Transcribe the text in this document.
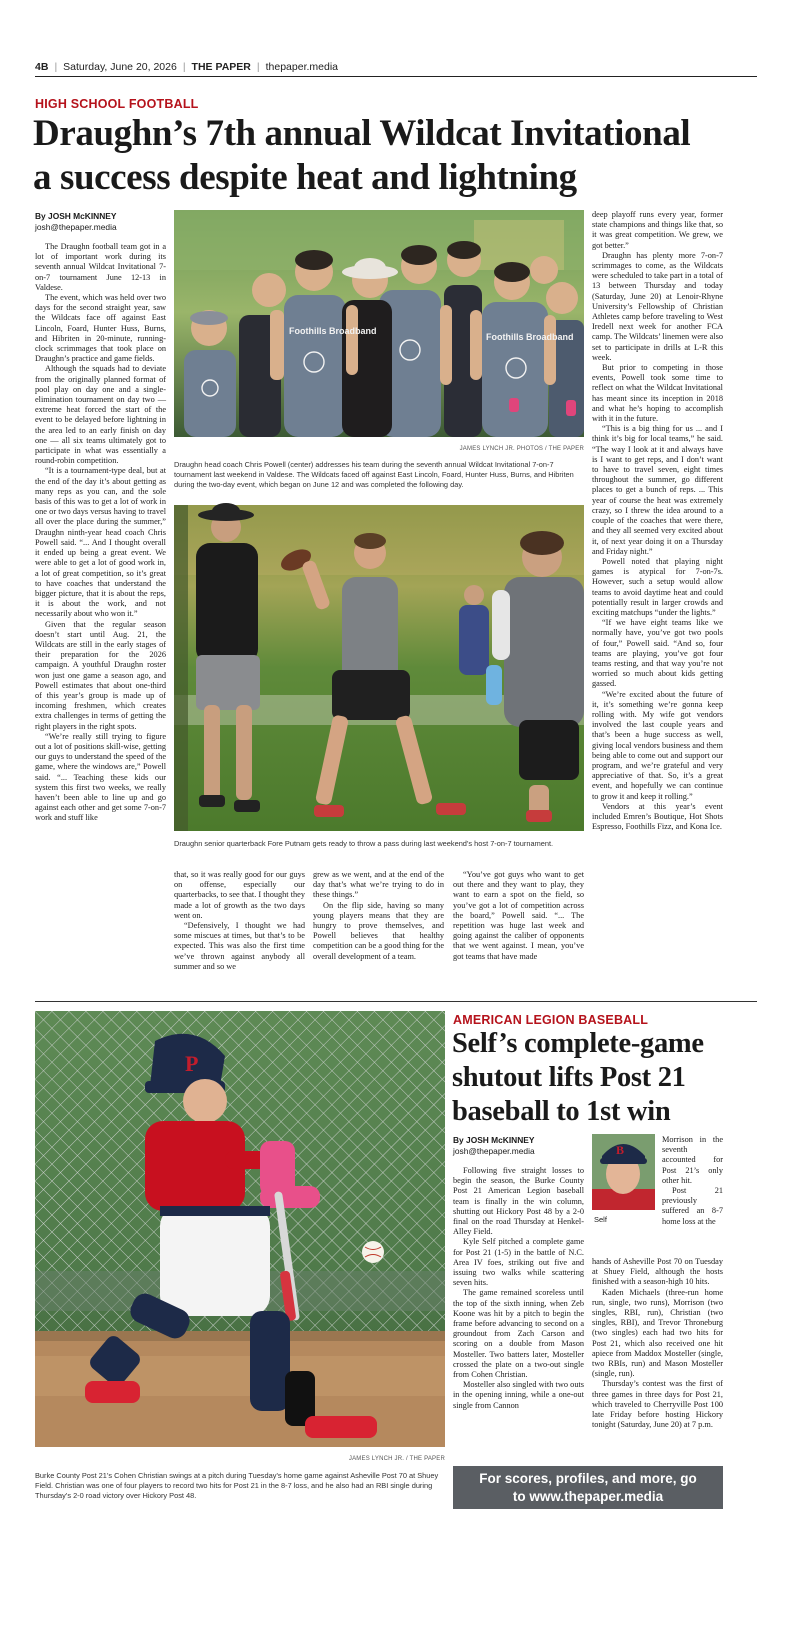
4B | Saturday, June 20, 2026 | THE PAPER | thepaper.media
HIGH SCHOOL FOOTBALL
Draughn’s 7th annual Wildcat Invitational
a success despite heat and lightning
By JOSH McKINNEY
josh@thepaper.media

The Draughn football team got in a lot of important work during its seventh annual Wildcat Invitational 7-on-7 tournament June 12-13 in Valdese.

The event, which was held over two days for the second straight year, saw the Wildcats face off against East Lincoln, Foard, Hunter Huss, Burns, and Hibriten in 20-minute, running-clock scrimmages that took place on Draughn’s practice and game fields.

Although the squads had to deviate from the originally planned format of pool play on day one and a single-elimination tournament on day two — extreme heat forced the start of the event to be delayed before lightning in the area led to an early finish on day one — all six teams ultimately got to participate in what was essentially a round-robin competition.

“It is a tournament-type deal, but at the end of the day it’s about getting as many reps as you can, and the sole basis of this was to get a lot of work in one or two days versus having to travel all over the place during the summer,” Draughn ninth-year head coach Chris Powell said. “... And I thought overall it ended up being a great event. We were able to get a lot of good work in, a lot of great competition, so it’s great to have coaches that understand the bigger picture, that it is about the reps, it is about the work, and not necessarily about who won it.”

Given that the regular season doesn’t start until Aug. 21, the Wildcats are still in the early stages of their preparation for the 2026 campaign. A youthful Draughn roster won just one game a season ago, and Powell estimates that about one-third of this year’s group is made up of incoming freshmen, which creates extra challenges in terms of getting the right players in the right spots.

“We’re really still trying to figure out a lot of positions skill-wise, getting our guys to understand the speed of the game, where the windows are,” Powell said. “... Teaching these kids our system this first two weeks, we really haven’t been able to line up and go against each other and get some 7-on-7 work and stuff like

Foothills Broadband
Foothills Broadband
JAMES LYNCH JR. PHOTOS / THE PAPER
Draughn head coach Chris Powell (center) addresses his team during the seventh annual Wildcat Invitational 7-on-7 tournament last weekend in Valdese. The Wildcats faced off against East Lincoln, Foard, Hunter Huss, Burns, and Hibriten during the two-day event, which began on June 12 and was completed the following day.
Draughn senior quarterback Fore Putnam gets ready to throw a pass during last weekend’s host 7-on-7 tournament.

that, so it was really good for our guys on offense, especially our quarterbacks, to see that. I thought they made a lot of growth as the two days went on.

“Defensively, I thought we had some miscues at times, but that’s to be expected. This was also the first time we’ve thrown against anybody all summer and so we

grew as we went, and at the end of the day that’s what we’re trying to do in these things.”

On the flip side, having so many young players means that they are hungry to prove themselves, and Powell believes that healthy competition can be a good thing for the overall development of a team.

“You’ve got guys who want to get out there and they want to play, they want to earn a spot on the field, so you’ve got a lot of competition across the board,” Powell said. “... The repetition was huge last week and going against the caliber of opponents that we went against. I mean, you’ve got teams that have made

deep playoff runs every year, former state champions and things like that, so it was great competition. We grew, we got better.”

Draughn has plenty more 7-on-7 scrimmages to come, as the Wildcats were scheduled to take part in a total of 13 between Thursday and today (Saturday, June 20) at Lenoir-Rhyne University’s Fellowship of Christian Athletes camp before traveling to West Iredell next week for another FCA camp. The Wildcats’ linemen were also set to participate in drills at L-R this week.

But prior to competing in those events, Powell took some time to reflect on what the Wildcat Invitational has meant since its inception in 2018 and what he’s hoping to accomplish with it in the future.

“This is a big thing for us ... and I think it’s big for local teams,” he said. “The way I look at it and always have is I want to get reps, and I don’t want to have to travel seven, eight times throughout the summer, go different places to get a bunch of reps. ... This year of course the heat was extremely crazy, so I threw the idea around to a couple of the coaches that were there, and they all seemed very excited about it, of next year doing it on a Thursday and Friday night.”

Powell noted that playing night games is atypical for 7-on-7s. However, such a setup would allow teams to avoid daytime heat and could potentially result in larger crowds and exciting matchups “under the lights.”

“If we have eight teams like we normally have, you’ve got two pools of four,” Powell said. “And so, four teams are playing, you’ve got four teams resting, and that way you’re not worried so much about kids getting gassed.

“We’re excited about the future of it, it’s something we’re gonna keep rolling with. My wife got vendors involved the last couple years and that’s been a huge success as well, giving local vendors business and them being able to come out and support our program, and we’re grateful and very appreciative of that. So, it’s a great event, and hopefully we can continue to grow it and keep it rolling.”

Vendors at this year’s event included Emren’s Boutique, Hot Shots Espresso, Foothills Fizz, and Kona Ice.

P
JAMES LYNCH JR. / THE PAPER
Burke County Post 21’s Cohen Christian swings at a pitch during Tuesday’s home game against Asheville Post 70 at Shuey Field. Christian was one of four players to record two hits for Post 21 in the 8-7 loss, and he also had an RBI single during Thursday’s 2-0 road victory over Hickory Post 48.
AMERICAN LEGION BASEBALL
Self’s complete-game
shutout lifts Post 21
baseball to 1st win
By JOSH McKINNEY
josh@thepaper.media

Following five straight losses to begin the season, the Burke County Post 21 American Legion baseball team is finally in the win column, shutting out Hickory Post 48 by a 2-0 final on the road Thursday at Henkel-Alley Field.

Kyle Self pitched a complete game for Post 21 (1-5) in the battle of N.C. Area IV foes, striking out five and issuing two walks while scattering seven hits.

The game remained scoreless until the top of the sixth inning, when Zeb Koone was hit by a pitch to begin the frame before advancing to second on a groundout from Zach Carson and scoring on a double from Mason Mosteller. Two batters later, Mosteller crossed the plate on a two-out single from Cohen Christian.

Mosteller also singled with two outs in the opening inning, while a one-out single from Cannon

B
Self

Morrison in the seventh accounted for Post 21’s only other hit.

Post 21 previously suffered an 8-7 home loss at the

hands of Asheville Post 70 on Tuesday at Shuey Field, although the hosts finished with a season-high 10 hits.

Kaden Michaels (three-run home run, single, two runs), Morrison (two singles, RBI, run), Christian (two singles, RBI), and Trevor Throneburg (two singles) each had two hits for Post 21, which also received one hit apiece from Maddox Mosteller (single, two RBIs, run) and Mason Mosteller (single, run).

Thursday’s contest was the first of three games in three days for Post 21, which traveled to Cherryville Post 100 late Friday before hosting Hickory tonight (Saturday, June 20) at 7 p.m.

For scores, profiles, and more, go
to www.thepaper.media
